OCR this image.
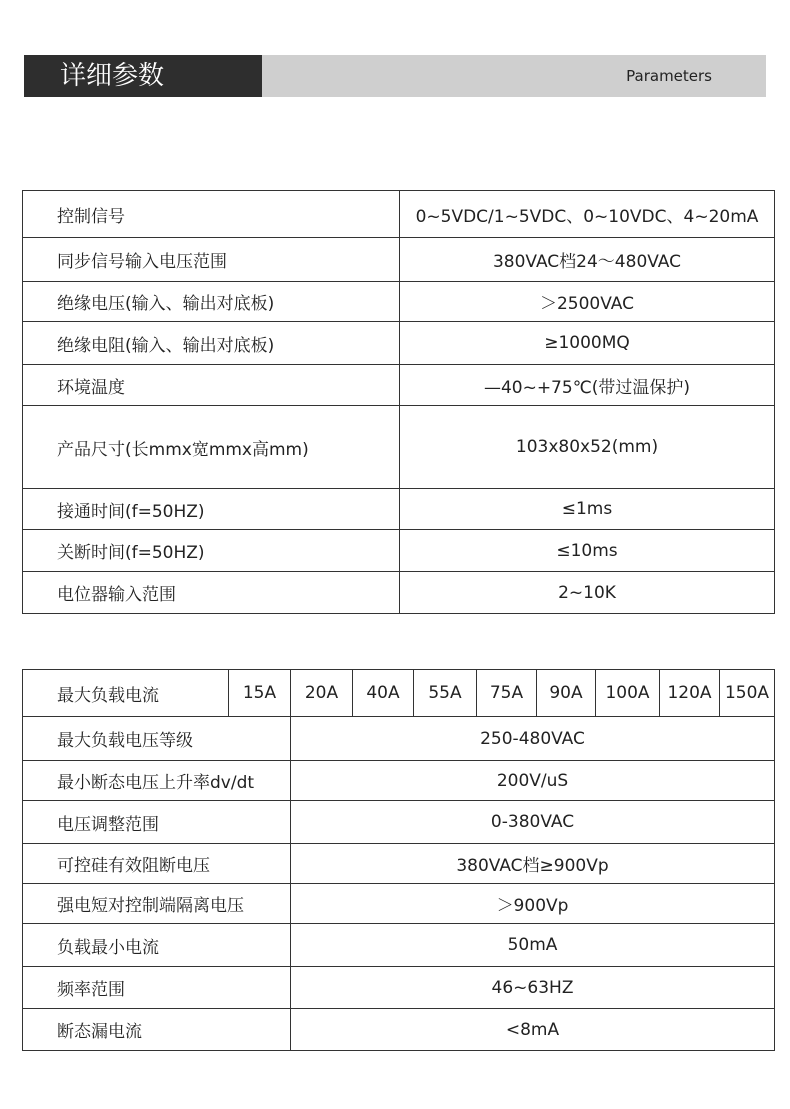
详细参数	Parameters
控制信号	0~5VDC/1~5VDC、0~10VDC、4~20mA
同步信号输入电压范围	380VAC档24～480VAC
绝缘电压(输入、输出对底板)	＞2500VAC
绝缘电阻(输入、输出对底板)	≥1000MQ
环境温度	—40~+75℃(带过温保护)
产品尺寸(长mmx宽mmx高mm)	103x80x52(mm)
接通时间(f=50HZ)	≤1ms
关断时间(f=50HZ)	≤10ms
电位器输入范围	2~10K
最大负载电流	15A	20A	40A	55A	75A	90A	100A	120A	150A
最大负载电压等级		250-480VAC							
最小断态电压上升率dv/dt		200V/uS							
电压调整范围		0-380VAC							
可控硅有效阻断电压		380VAC档≥900Vp							
强电短对控制端隔离电压		＞900Vp							
负载最小电流		50mA							
频率范围		46~63HZ							
断态漏电流		<8mA							
